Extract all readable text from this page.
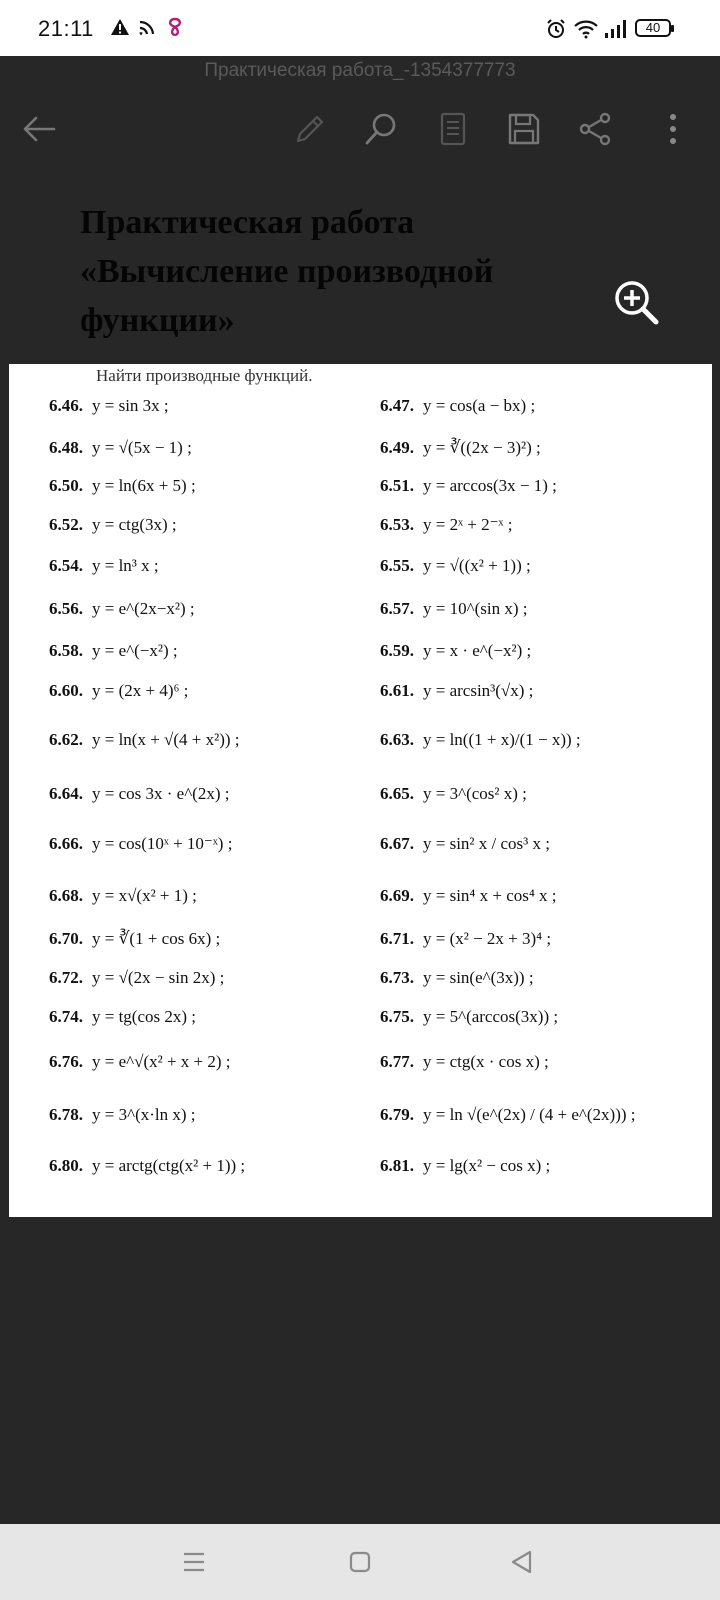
21:11	40
Практическая работа_-1354377773
Практическая работа
«Вычисление производной
функции»
Найти производные функций.
6.46. y = sin 3x ;
6.48. y = √(5x − 1) ;
6.50. y = ln(6x + 5) ;
6.52. y = ctg(3x) ;
6.54. y = ln³ x ;
6.56. y = e^(2x−x²) ;
6.58. y = e^(−x²) ;
6.60. y = (2x + 4)⁶ ;
6.62. y = ln(x + √(4 + x²)) ;
6.64. y = cos 3x · e^(2x) ;
6.66. y = cos(10ˣ + 10⁻ˣ) ;
6.68. y = x√(x² + 1) ;
6.70. y = ∛(1 + cos 6x) ;
6.72. y = √(2x − sin 2x) ;
6.74. y = tg(cos 2x) ;
6.76. y = e^√(x² + x + 2) ;
6.78. y = 3^(x·ln x) ;
6.80. y = arctg(ctg(x² + 1)) ;
6.47. y = cos(a − bx) ;
6.49. y = ∛((2x − 3)²) ;
6.51. y = arccos(3x − 1) ;
6.53. y = 2ˣ + 2⁻ˣ ;
6.55. y = √((x² + 1)) ;
6.57. y = 10^(sin x) ;
6.59. y = x · e^(−x²) ;
6.61. y = arcsin³(√x) ;
6.63. y = ln((1 + x)/(1 − x)) ;
6.65. y = 3^(cos² x) ;
6.67. y = sin² x / cos³ x ;
6.69. y = sin⁴ x + cos⁴ x ;
6.71. y = (x² − 2x + 3)⁴ ;
6.73. y = sin(e^(3x)) ;
6.75. y = 5^(arccos(3x)) ;
6.77. y = ctg(x · cos x) ;
6.79. y = ln √(e^(2x) / (4 + e^(2x))) ;
6.81. y = lg(x² − cos x) ;
